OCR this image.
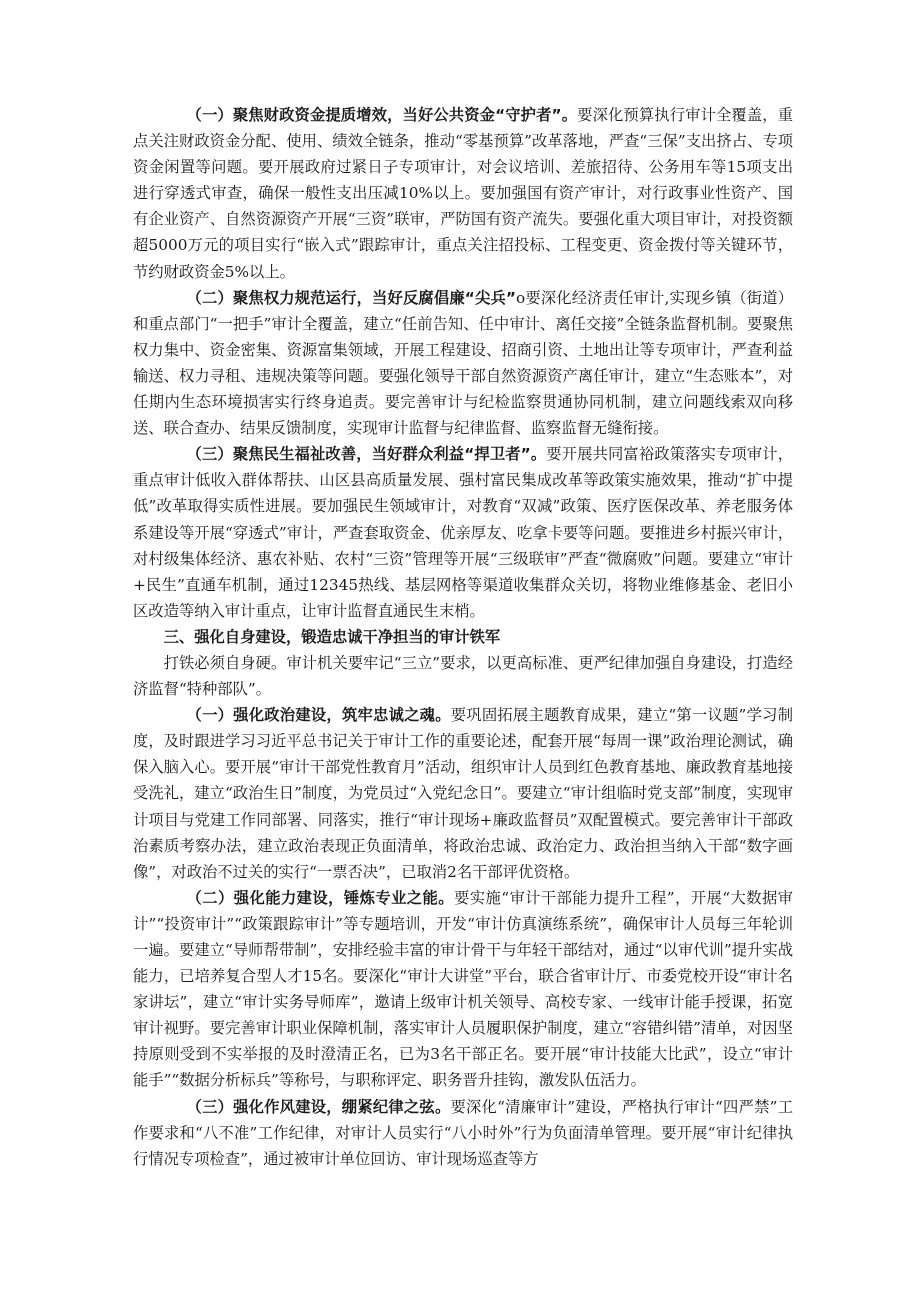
（一）聚焦财政资金提质增效，当好公共资金“守护者”。要深化预算执行审计全覆盖，重点关注财政资金分配、使用、绩效全链条，推动“零基预算”改革落地，严查“三保”支出挤占、专项资金闲置等问题。要开展政府过紧日子专项审计，对会议培训、差旅招待、公务用车等15项支出进行穿透式审查，确保一般性支出压减10%以上。要加强国有资产审计，对行政事业性资产、国有企业资产、自然资源资产开展“三资”联审，严防国有资产流失。要强化重大项目审计，对投资额超5000万元的项目实行“嵌入式”跟踪审计，重点关注招投标、工程变更、资金拨付等关键环节，节约财政资金5%以上。

（二）聚焦权力规范运行，当好反腐倡廉“尖兵”o要深化经济责任审计,实现乡镇（街道）和重点部门“一把手”审计全覆盖，建立“任前告知、任中审计、离任交接”全链条监督机制。要聚焦权力集中、资金密集、资源富集领域，开展工程建设、招商引资、土地出让等专项审计，严查利益输送、权力寻租、违规决策等问题。要强化领导干部自然资源资产离任审计，建立“生态账本”，对任期内生态环境损害实行终身追责。要完善审计与纪检监察贯通协同机制，建立问题线索双向移送、联合查办、结果反馈制度，实现审计监督与纪律监督、监察监督无缝衔接。

（三）聚焦民生福祉改善，当好群众利益“捍卫者”。要开展共同富裕政策落实专项审计，重点审计低收入群体帮扶、山区县高质量发展、强村富民集成改革等政策实施效果，推动“扩中提低”改革取得实质性进展。要加强民生领域审计，对教育“双减”政策、医疗医保改革、养老服务体系建设等开展“穿透式”审计，严查套取资金、优亲厚友、吃拿卡要等问题。要推进乡村振兴审计，对村级集体经济、惠农补贴、农村“三资”管理等开展“三级联审”严查“微腐败”问题。要建立“审计+民生”直通车机制，通过12345热线、基层网格等渠道收集群众关切，将物业维修基金、老旧小区改造等纳入审计重点，让审计监督直通民生末梢。

三、强化自身建设，锻造忠诚干净担当的审计铁军

打铁必须自身硬。审计机关要牢记“三立”要求，以更高标准、更严纪律加强自身建设，打造经济监督“特种部队”。

（一）强化政治建设，筑牢忠诚之魂。要巩固拓展主题教育成果，建立“第一议题”学习制度，及时跟进学习习近平总书记关于审计工作的重要论述，配套开展“每周一课”政治理论测试，确保入脑入心。要开展“审计干部党性教育月”活动，组织审计人员到红色教育基地、廉政教育基地接受洗礼，建立“政治生日”制度，为党员过“入党纪念日”。要建立“审计组临时党支部”制度，实现审计项目与党建工作同部署、同落实，推行“审计现场+廉政监督员”双配置模式。要完善审计干部政治素质考察办法，建立政治表现正负面清单，将政治忠诚、政治定力、政治担当纳入干部“数字画像”，对政治不过关的实行“一票否决”，已取消2名干部评优资格。

（二）强化能力建设，锤炼专业之能。要实施“审计干部能力提升工程”，开展“大数据审计”“投资审计”“政策跟踪审计”等专题培训，开发“审计仿真演练系统”，确保审计人员每三年轮训一遍。要建立“导师帮带制”，安排经验丰富的审计骨干与年轻干部结对，通过“以审代训”提升实战能力，已培养复合型人才15名。要深化“审计大讲堂”平台，联合省审计厅、市委党校开设“审计名家讲坛”，建立“审计实务导师库”，邀请上级审计机关领导、高校专家、一线审计能手授课，拓宽审计视野。要完善审计职业保障机制，落实审计人员履职保护制度，建立“容错纠错”清单，对因坚持原则受到不实举报的及时澄清正名，已为3名干部正名。要开展“审计技能大比武”，设立“审计能手”“数据分析标兵”等称号，与职称评定、职务晋升挂钩，激发队伍活力。

（三）强化作风建设，绷紧纪律之弦。要深化“清廉审计”建设，严格执行审计“四严禁”工作要求和“八不准”工作纪律，对审计人员实行“八小时外”行为负面清单管理。要开展“审计纪律执行情况专项检查”，通过被审计单位回访、审计现场巡查等方
